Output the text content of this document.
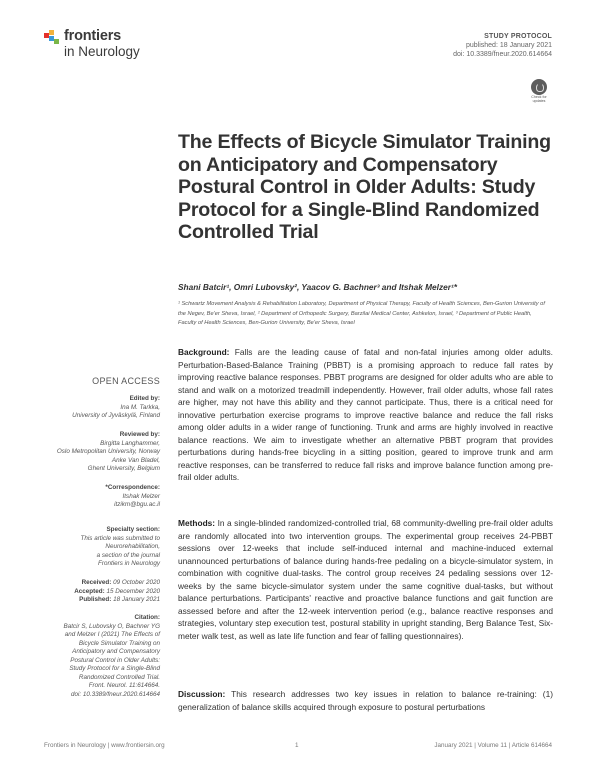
frontiers
in Neurology
STUDY PROTOCOL
published: 18 January 2021
doi: 10.3389/fneur.2020.614664
Check for
updates
The Effects of Bicycle Simulator Training on Anticipatory and Compensatory Postural Control in Older Adults: Study Protocol for a Single-Blind Randomized Controlled Trial
Shani Batcir¹, Omri Lubovsky², Yaacov G. Bachner³ and Itshak Melzer¹*

¹ Schwartz Movement Analysis & Rehabilitation Laboratory, Department of Physical Therapy, Faculty of Health Sciences, Ben-Gurion University of the Negev, Be'er Sheva, Israel, ² Department of Orthopedic Surgery, Barzilai Medical Center, Ashkelon, Israel, ³ Department of Public Health, Faculty of Health Sciences, Ben-Gurion University, Be'er Sheva, Israel

OPEN ACCESS
Edited by:
Ina M. Tarkka,
University of Jyväskylä, Finland
Reviewed by:
Birgitta Langhammer,
Oslo Metropolitan University, Norway
Anke Van Bladel,
Ghent University, Belgium
*Correspondence:
Itshak Melzer
itzikm@bgu.ac.il
Specialty section:
This article was submitted to
Neurorehabilitation,
a section of the journal
Frontiers in Neurology
Received: 09 October 2020
Accepted: 15 December 2020
Published: 18 January 2021
Citation:
Batcir S, Lubovsky O, Bachner YG
and Melzer I (2021) The Effects of
Bicycle Simulator Training on
Anticipatory and Compensatory
Postural Control in Older Adults:
Study Protocol for a Single-Blind
Randomized Controlled Trial.
Front. Neurol. 11:614664.
doi: 10.3389/fneur.2020.614664

Background: Falls are the leading cause of fatal and non-fatal injuries among older adults. Perturbation-Based-Balance Training (PBBT) is a promising approach to reduce fall rates by improving reactive balance responses. PBBT programs are designed for older adults who are able to stand and walk on a motorized treadmill independently. However, frail older adults, whose fall rates are higher, may not have this ability and they cannot participate. Thus, there is a critical need for innovative perturbation exercise programs to improve reactive balance and reduce the fall risks among older adults in a wider range of functioning. Trunk and arms are highly involved in reactive balance reactions. We aim to investigate whether an alternative PBBT program that provides perturbations during hands-free bicycling in a sitting position, geared to improve trunk and arm reactive responses, can be transferred to reduce fall risks and improve balance function among pre-frail older adults.

Methods: In a single-blinded randomized-controlled trial, 68 community-dwelling pre-frail older adults are randomly allocated into two intervention groups. The experimental group receives 24-PBBT sessions over 12-weeks that include self-induced internal and machine-induced external unannounced perturbations of balance during hands-free pedaling on a bicycle-simulator system, in combination with cognitive dual-tasks. The control group receives 24 pedaling sessions over 12-weeks by the same bicycle-simulator system under the same cognitive dual-tasks, but without balance perturbations. Participants' reactive and proactive balance functions and gait function are assessed before and after the 12-week intervention period (e.g., balance reactive responses and strategies, voluntary step execution test, postural stability in upright standing, Berg Balance Test, Six-meter walk test, as well as late life function and fear of falling questionnaires).

Discussion: This research addresses two key issues in relation to balance re-training: (1) generalization of balance skills acquired through exposure to postural perturbations

Frontiers in Neurology | www.frontiersin.org	1	January 2021 | Volume 11 | Article 614664
